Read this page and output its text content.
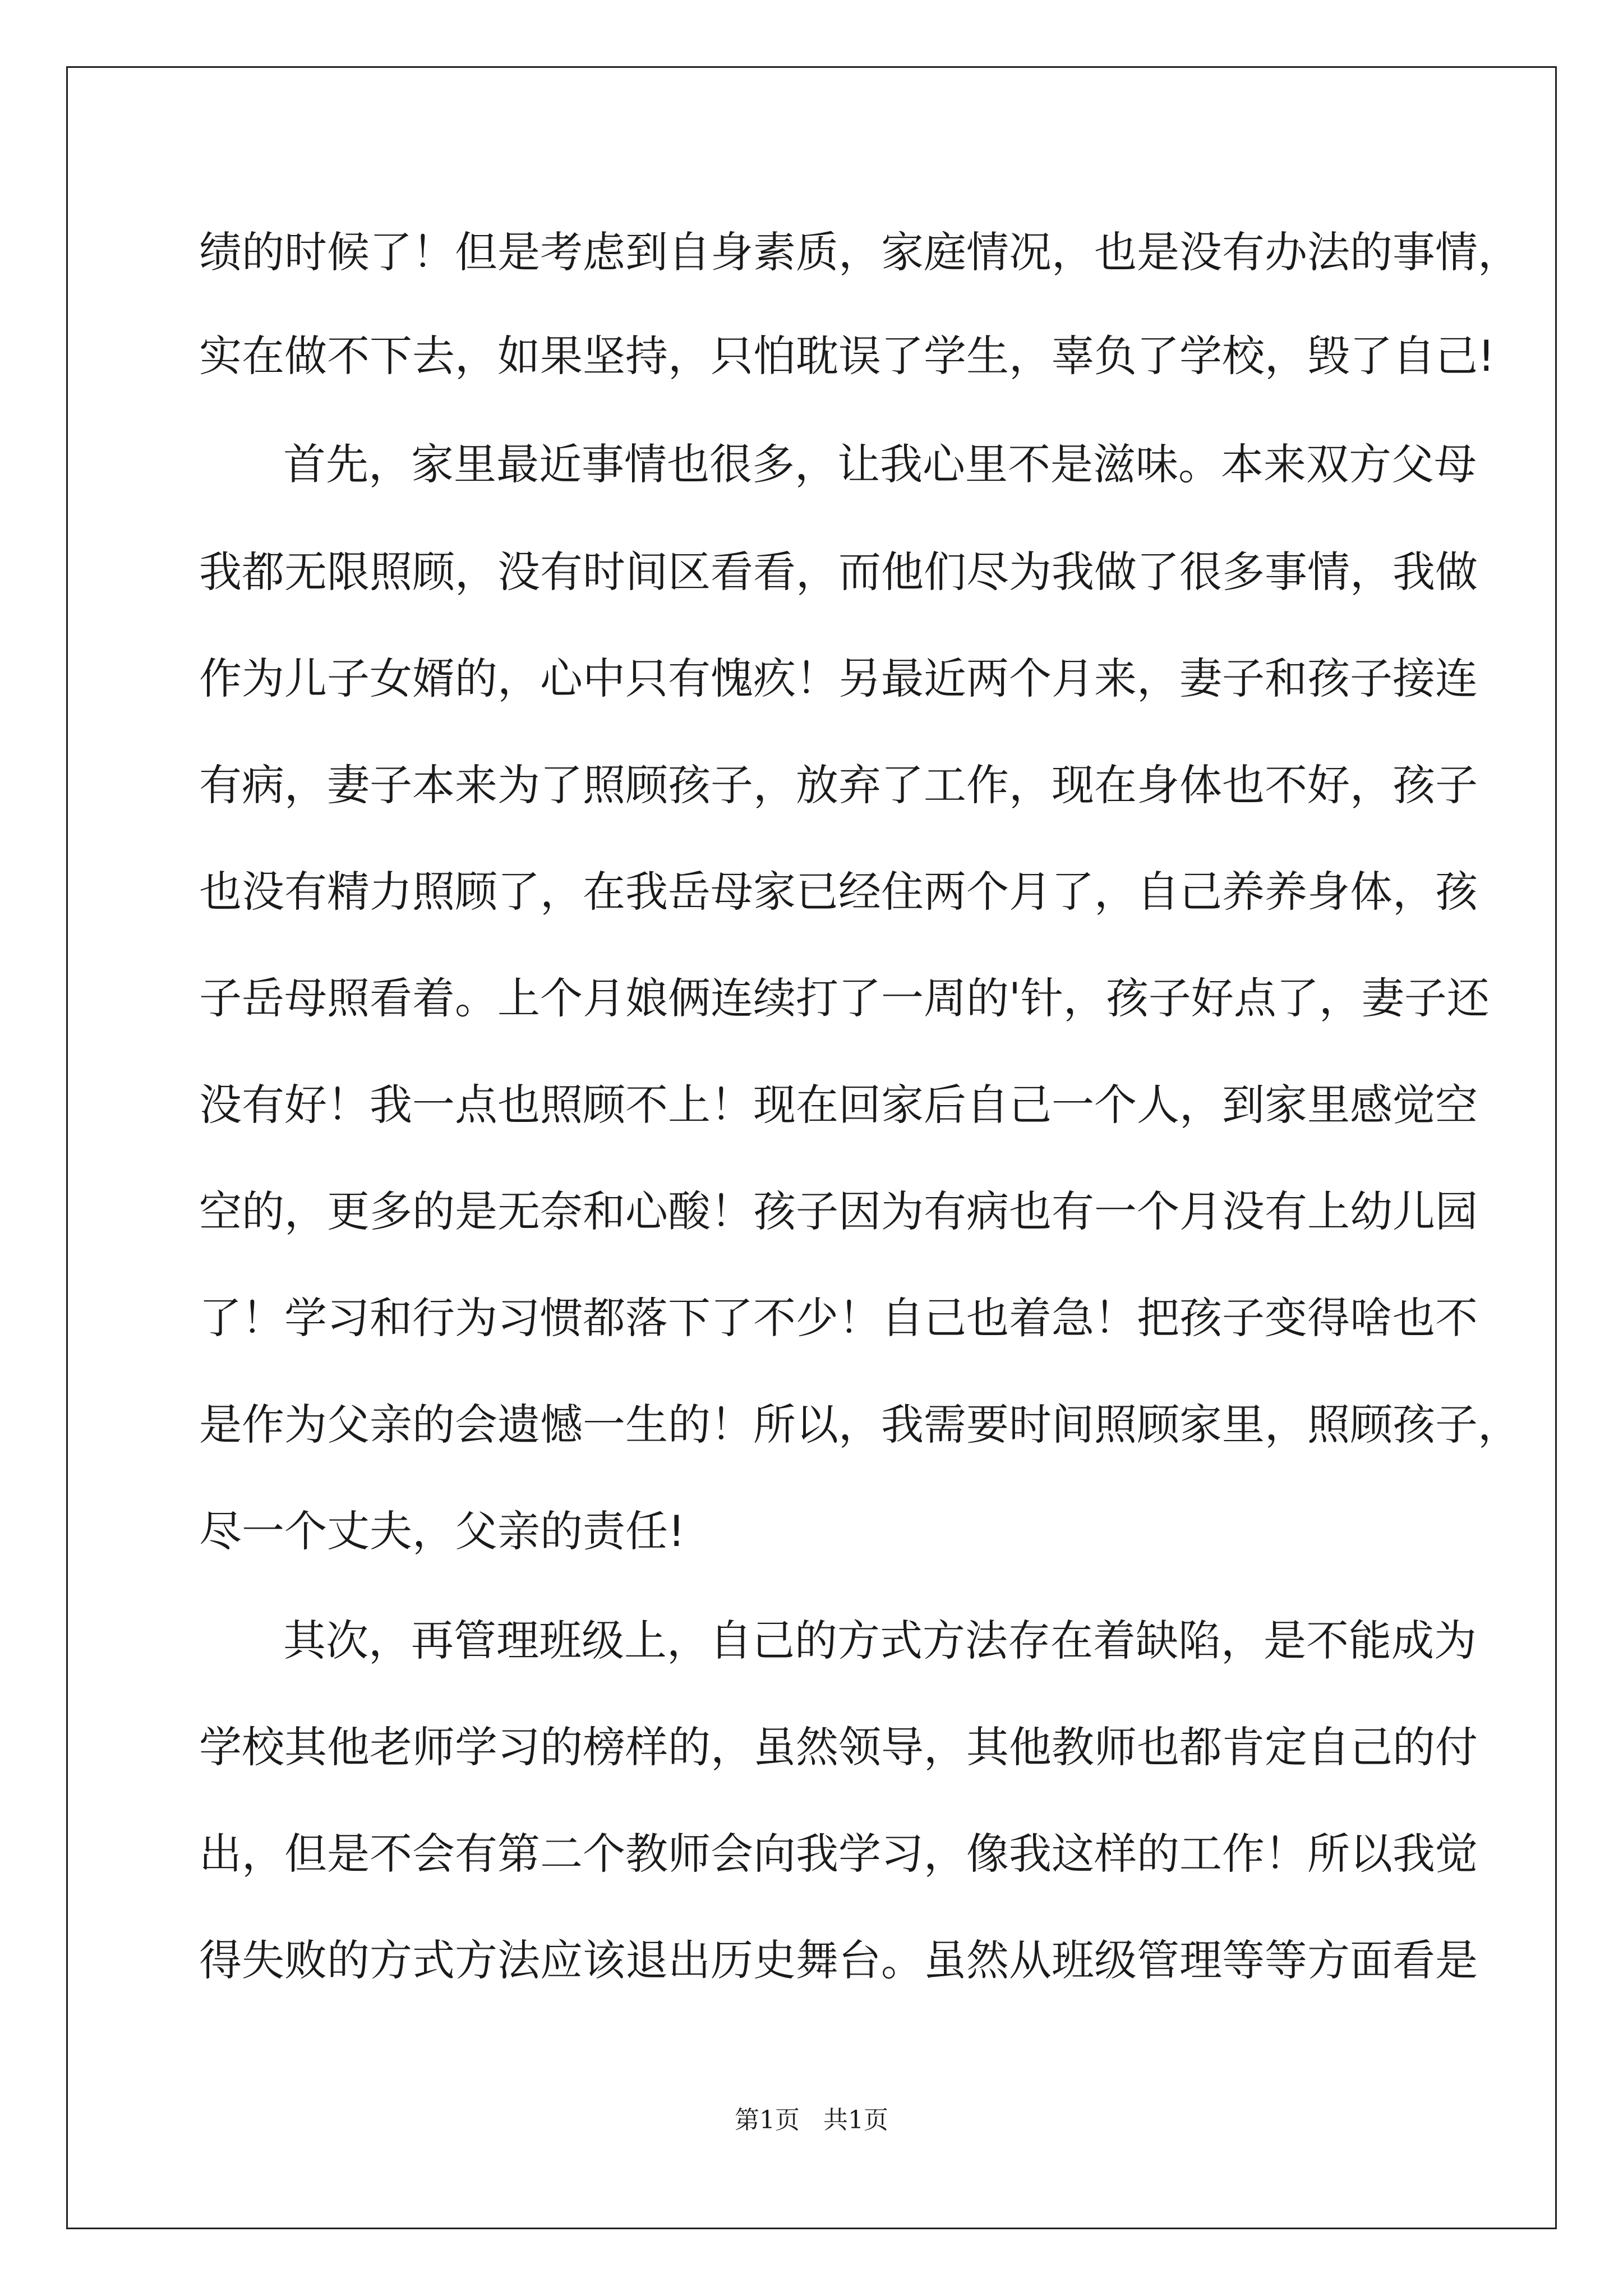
绩的时候了！但是考虑到自身素质，家庭情况，也是没有办法的事情，
实在做不下去，如果坚持，只怕耽误了学生，辜负了学校，毁了自己!
首先，家里最近事情也很多，让我心里不是滋味。本来双方父母
我都无限照顾，没有时间区看看，而他们尽为我做了很多事情，我做
作为儿子女婿的，心中只有愧疚！另最近两个月来，妻子和孩子接连
有病，妻子本来为了照顾孩子，放弃了工作，现在身体也不好，孩子
也没有精力照顾了，在我岳母家已经住两个月了，自己养养身体，孩
子岳母照看着。上个月娘俩连续打了一周的'针，孩子好点了，妻子还
没有好！我一点也照顾不上！现在回家后自己一个人，到家里感觉空
空的，更多的是无奈和心酸！孩子因为有病也有一个月没有上幼儿园
了！学习和行为习惯都落下了不少！自己也着急！把孩子变得啥也不
是作为父亲的会遗憾一生的！所以，我需要时间照顾家里，照顾孩子，
尽一个丈夫，父亲的责任!
其次，再管理班级上，自己的方式方法存在着缺陷，是不能成为
学校其他老师学习的榜样的，虽然领导，其他教师也都肯定自己的付
出，但是不会有第二个教师会向我学习，像我这样的工作！所以我觉
得失败的方式方法应该退出历史舞台。虽然从班级管理等等方面看是
第1页   共1页
